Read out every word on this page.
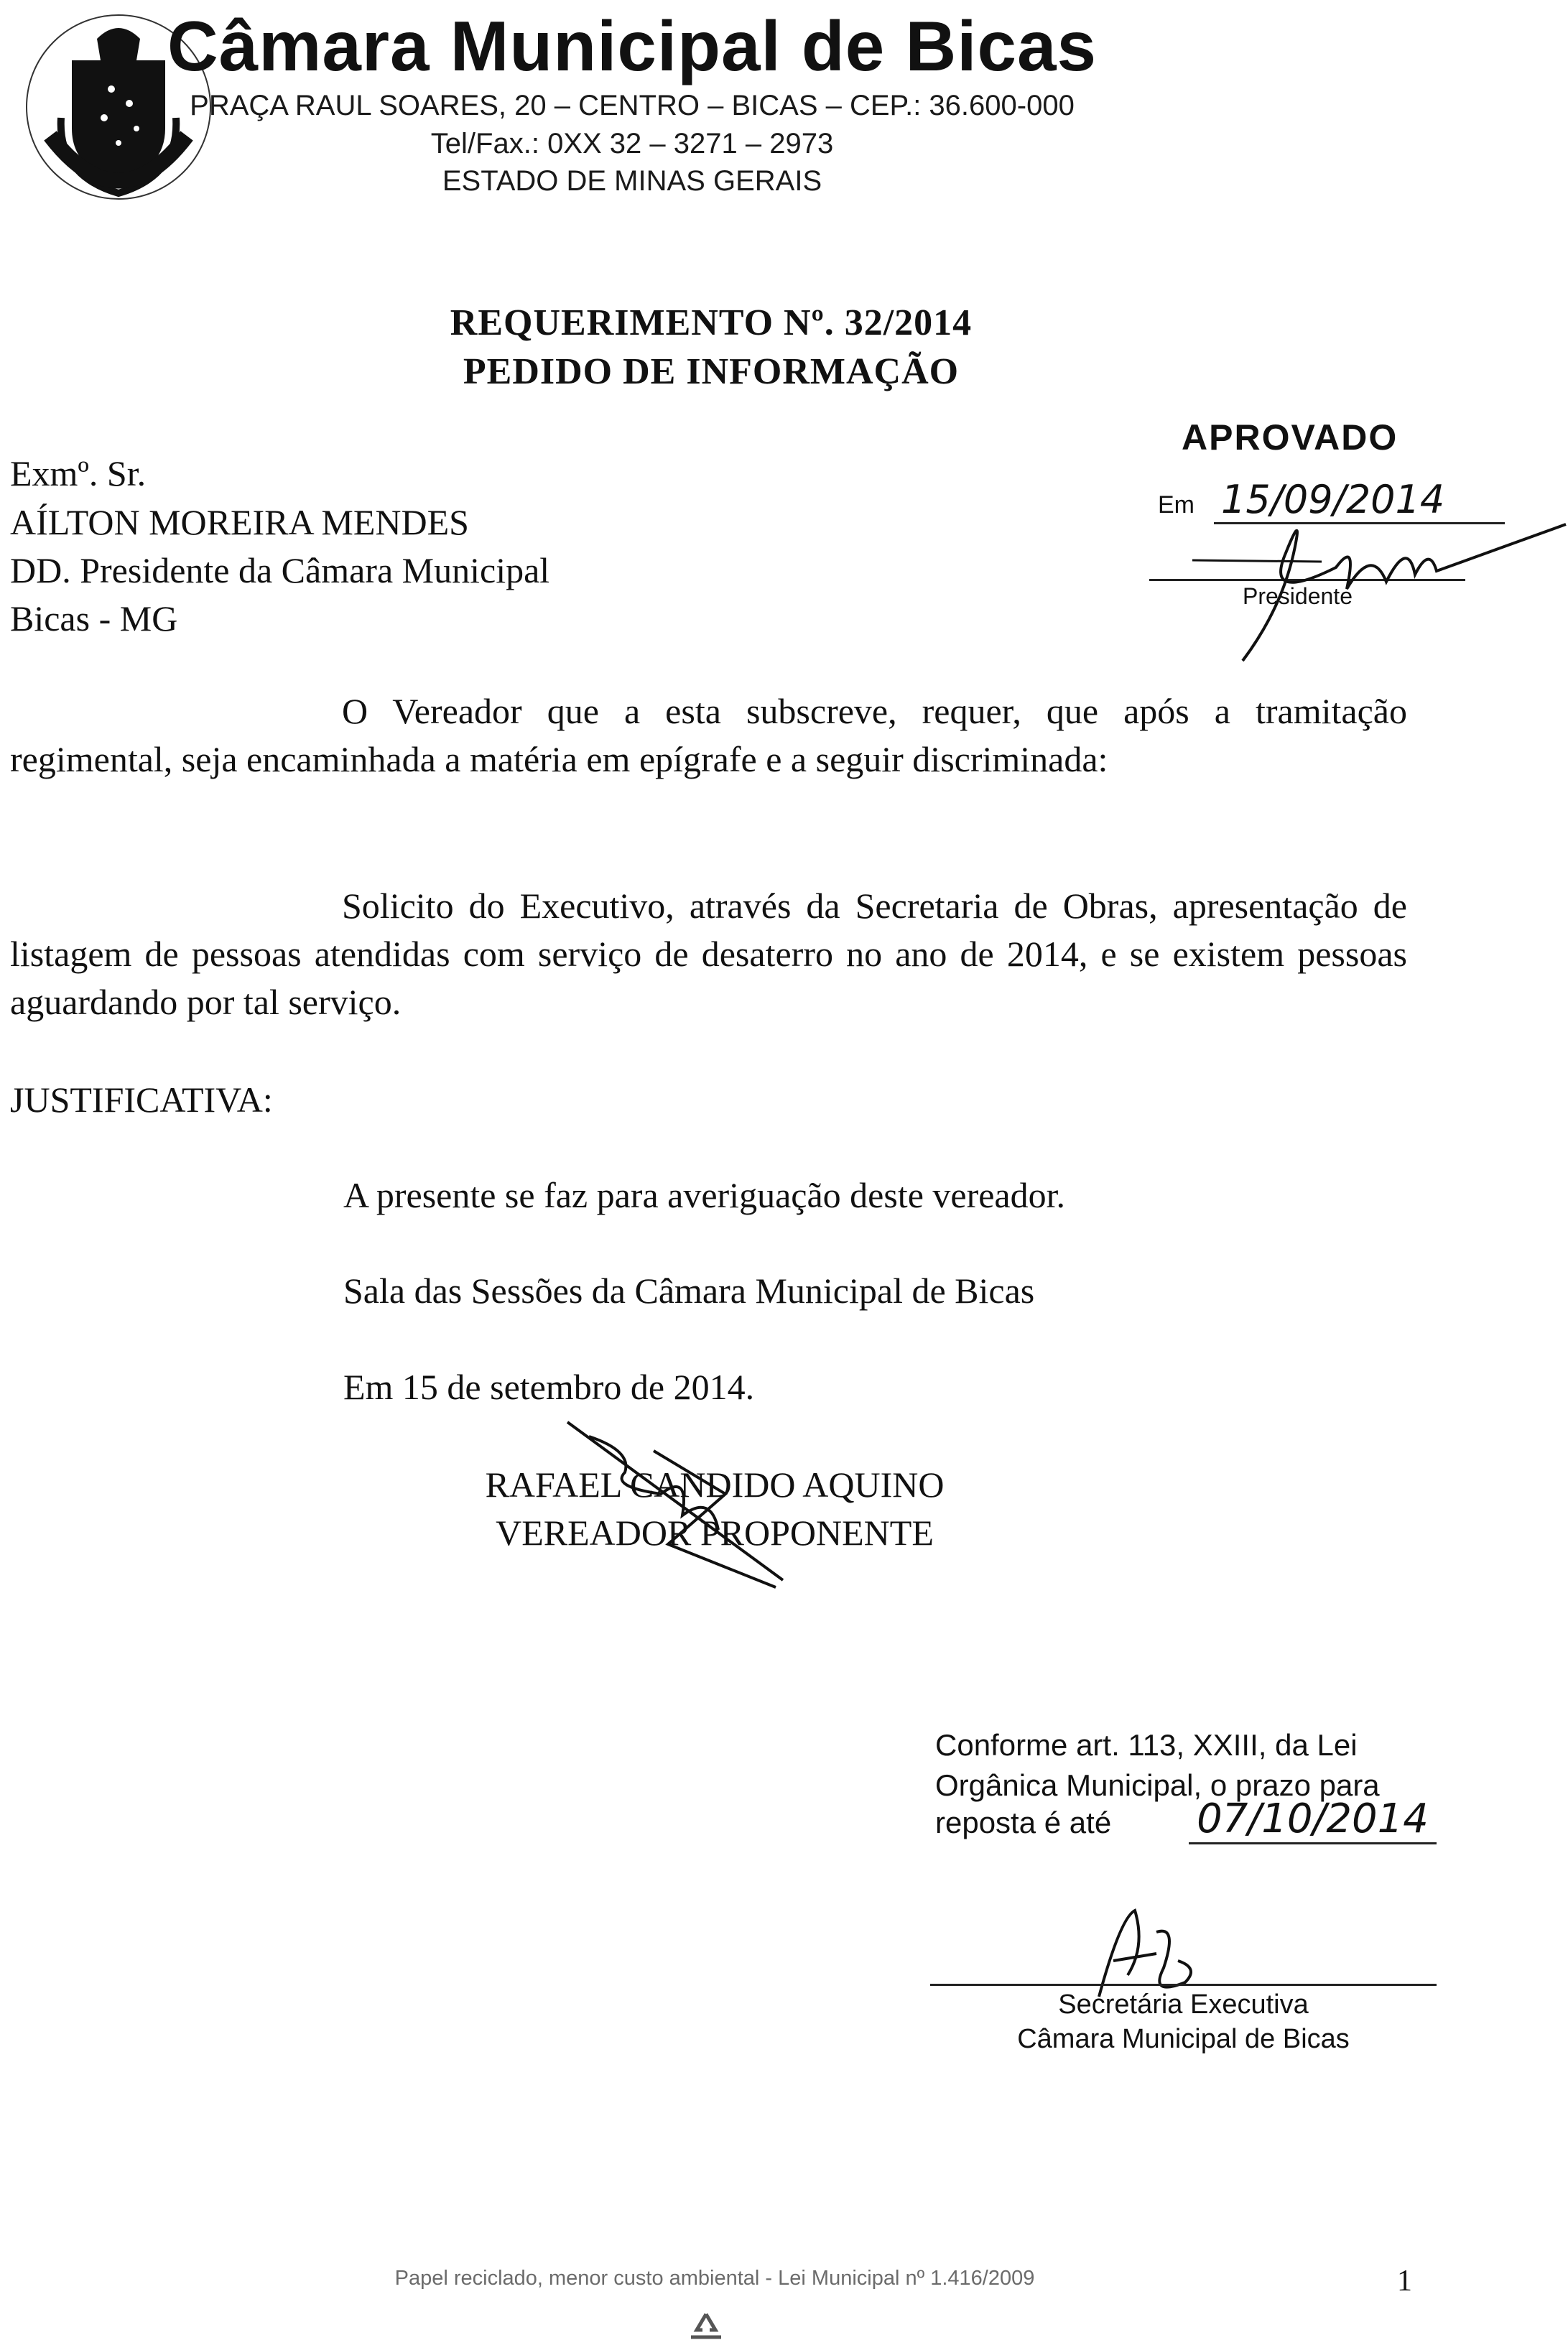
Câmara Municipal de Bicas
PRAÇA RAUL SOARES, 20 – CENTRO – BICAS – CEP.: 36.600-000
Tel/Fax.: 0XX 32 – 3271 – 2973
ESTADO DE MINAS GERAIS
REQUERIMENTO Nº. 32/2014
PEDIDO DE INFORMAÇÃO
APROVADO
Em 15/09/2014
Presidente
Exmº. Sr.
AÍLTON MOREIRA MENDES
DD. Presidente da Câmara Municipal
Bicas - MG

O Vereador que a esta subscreve, requer, que após a tramitação regimental, seja encaminhada a matéria em epígrafe e a seguir discriminada:

Solicito do Executivo, através da Secretaria de Obras, apresentação de listagem de pessoas atendidas com serviço de desaterro no ano de 2014, e se existem pessoas aguardando por tal serviço.

JUSTIFICATIVA:
A presente se faz para averiguação deste vereador.
Sala das Sessões da Câmara Municipal de Bicas
Em 15 de setembro de 2014.
RAFAEL CANDIDO AQUINO
VEREADOR PROPONENTE
Conforme art. 113, XXIII, da Lei
Orgânica Municipal, o prazo para
reposta é até 07/10/2014
Secretária Executiva
Câmara Municipal de Bicas
Papel reciclado, menor custo ambiental - Lei Municipal nº 1.416/2009	1
